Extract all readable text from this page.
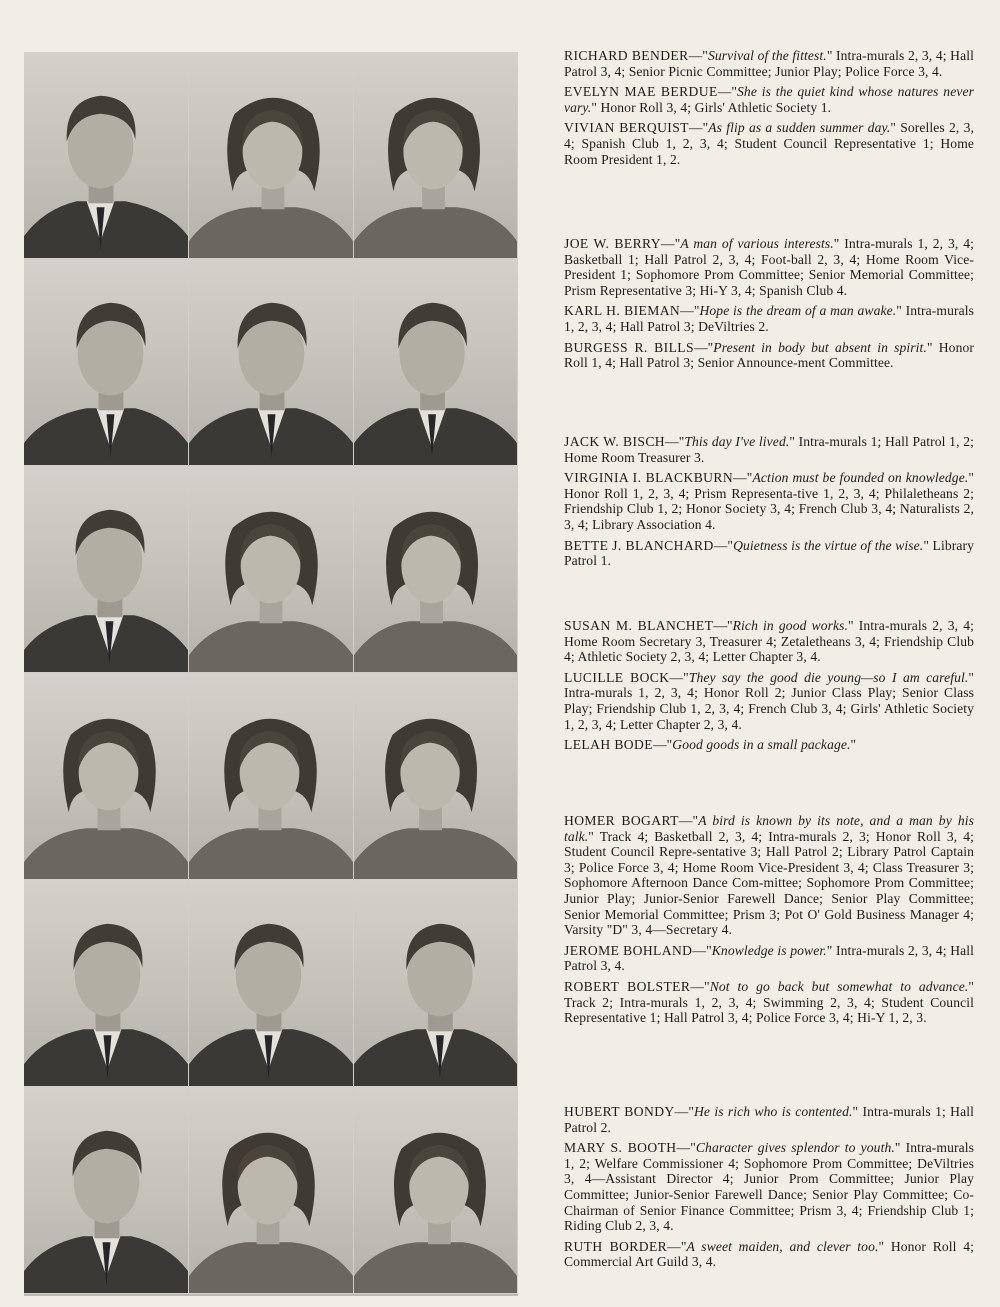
RICHARD BENDER—"Survival of the fittest." Intra-murals 2, 3, 4; Hall Patrol 3, 4; Senior Picnic Committee; Junior Play; Police Force 3, 4.

EVELYN MAE BERDUE—"She is the quiet kind whose natures never vary." Honor Roll 3, 4; Girls' Athletic Society 1.

VIVIAN BERQUIST—"As flip as a sudden summer day." Sorelles 2, 3, 4; Spanish Club 1, 2, 3, 4; Student Council Representative 1; Home Room President 1, 2.

JOE W. BERRY—"A man of various interests." Intra-murals 1, 2, 3, 4; Basketball 1; Hall Patrol 2, 3, 4; Foot-ball 2, 3, 4; Home Room Vice-President 1; Sophomore Prom Committee; Senior Memorial Committee; Prism Representative 3; Hi-Y 3, 4; Spanish Club 4.

KARL H. BIEMAN—"Hope is the dream of a man awake." Intra-murals 1, 2, 3, 4; Hall Patrol 3; DeViltries 2.

BURGESS R. BILLS—"Present in body but absent in spirit." Honor Roll 1, 4; Hall Patrol 3; Senior Announce-ment Committee.

JACK W. BISCH—"This day I've lived." Intra-murals 1; Hall Patrol 1, 2; Home Room Treasurer 3.

VIRGINIA I. BLACKBURN—"Action must be founded on knowledge." Honor Roll 1, 2, 3, 4; Prism Representa-tive 1, 2, 3, 4; Philaletheans 2; Friendship Club 1, 2; Honor Society 3, 4; French Club 3, 4; Naturalists 2, 3, 4; Library Association 4.

BETTE J. BLANCHARD—"Quietness is the virtue of the wise." Library Patrol 1.

SUSAN M. BLANCHET—"Rich in good works." Intra-murals 2, 3, 4; Home Room Secretary 3, Treasurer 4; Zetaletheans 3, 4; Friendship Club 4; Athletic Society 2, 3, 4; Letter Chapter 3, 4.

LUCILLE BOCK—"They say the good die young—so I am careful." Intra-murals 1, 2, 3, 4; Honor Roll 2; Junior Class Play; Senior Class Play; Friendship Club 1, 2, 3, 4; French Club 3, 4; Girls' Athletic Society 1, 2, 3, 4; Letter Chapter 2, 3, 4.

LELAH BODE—"Good goods in a small package."

HOMER BOGART—"A bird is known by its note, and a man by his talk." Track 4; Basketball 2, 3, 4; Intra-murals 2, 3; Honor Roll 3, 4; Student Council Repre-sentative 3; Hall Patrol 2; Library Patrol Captain 3; Police Force 3, 4; Home Room Vice-President 3, 4; Class Treasurer 3; Sophomore Afternoon Dance Com-mittee; Sophomore Prom Committee; Junior Play; Junior-Senior Farewell Dance; Senior Play Committee; Senior Memorial Committee; Prism 3; Pot O' Gold Business Manager 4; Varsity "D" 3, 4—Secretary 4.

JEROME BOHLAND—"Knowledge is power." Intra-murals 2, 3, 4; Hall Patrol 3, 4.

ROBERT BOLSTER—"Not to go back but somewhat to advance." Track 2; Intra-murals 1, 2, 3, 4; Swimming 2, 3, 4; Student Council Representative 1; Hall Patrol 3, 4; Police Force 3, 4; Hi-Y 1, 2, 3.

HUBERT BONDY—"He is rich who is contented." Intra-murals 1; Hall Patrol 2.

MARY S. BOOTH—"Character gives splendor to youth." Intra-murals 1, 2; Welfare Commissioner 4; Sophomore Prom Committee; DeViltries 3, 4—Assistant Director 4; Junior Prom Committee; Junior Play Committee; Junior-Senior Farewell Dance; Senior Play Committee; Co-Chairman of Senior Finance Committee; Prism 3, 4; Friendship Club 1; Riding Club 2, 3, 4.

RUTH BORDER—"A sweet maiden, and clever too." Honor Roll 4; Commercial Art Guild 3, 4.
